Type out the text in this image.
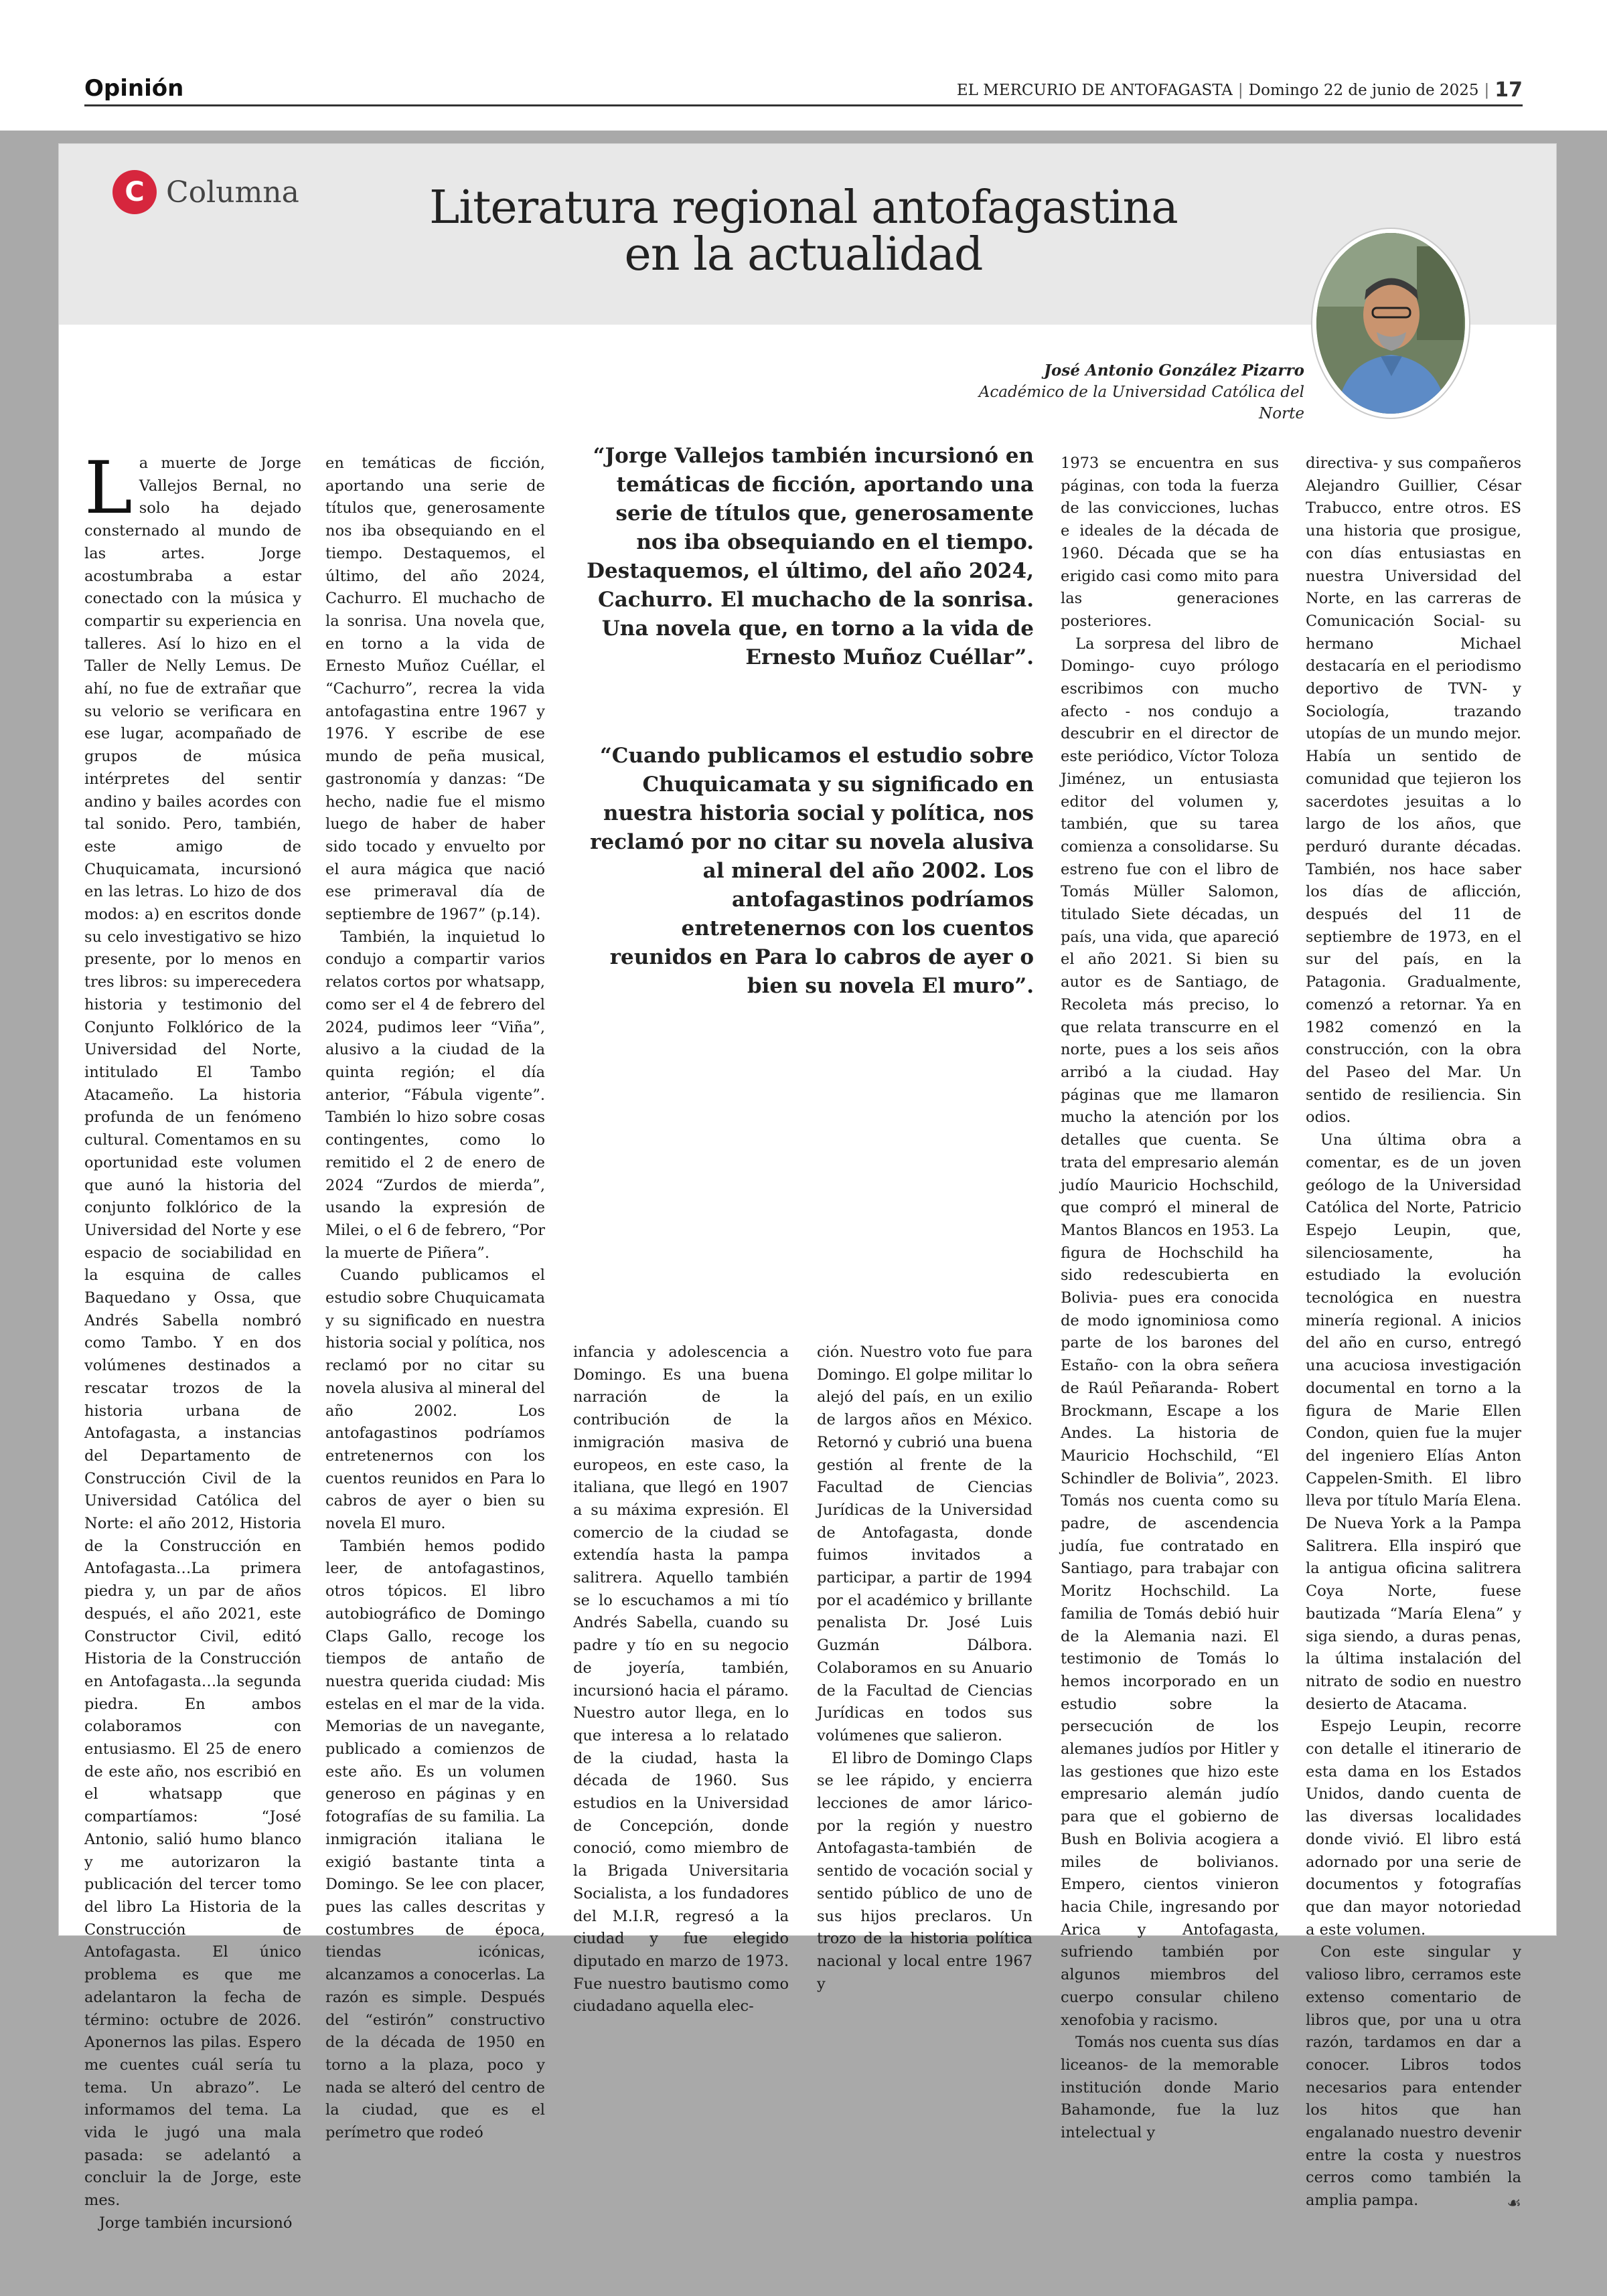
Opinión	EL MERCURIO DE ANTOFAGASTA | Domingo 22 de junio de 2025 | 17
C Columna	Literatura regional antofagastina
en la actualidad
José Antonio González Pizarro
Académico de la Universidad Católica del Norte

La muerte de Jorge Vallejos Bernal, no solo ha dejado consternado al mundo de las artes. Jorge acostumbraba a estar conectado con la música y compartir su experiencia en talleres. Así lo hizo en el Taller de Nelly Lemus. De ahí, no fue de extrañar que su velorio se verificara en ese lugar, acompañado de grupos de música intérpretes del sentir andino y bailes acordes con tal sonido. Pero, también, este amigo de Chuquicamata, incursionó en las letras. Lo hizo de dos modos: a) en escritos donde su celo investigativo se hizo presente, por lo menos en tres libros: su imperecedera historia y testimonio del Conjunto Folklórico de la Universidad del Norte, intitulado El Tambo Atacameño. La historia profunda de un fenómeno cultural. Comentamos en su oportunidad este volumen que aunó la historia del conjunto folklórico de la Universidad del Norte y ese espacio de sociabilidad en la esquina de calles Baquedano y Ossa, que Andrés Sabella nombró como Tambo. Y en dos volúmenes destinados a rescatar trozos de la historia urbana de Antofagasta, a instancias del Departamento de Construcción Civil de la Universidad Católica del Norte: el año 2012, Historia de la Construcción en Antofagasta…La primera piedra y, un par de años después, el año 2021, este Constructor Civil, editó Historia de la Construcción en Antofagasta…la segunda piedra. En ambos colaboramos con entusiasmo. El 25 de enero de este año, nos escribió en el whatsapp que compartíamos: “José Antonio, salió humo blanco y me autorizaron la publicación del tercer tomo del libro La Historia de la Construcción de Antofagasta. El único problema es que me adelantaron la fecha de término: octubre de 2026. Aponernos las pilas. Espero me cuentes cuál sería tu tema. Un abrazo”. Le informamos del tema. La vida le jugó una mala pasada: se adelantó a concluir la de Jorge, este mes.

Jorge también incursionó

en temáticas de ficción, aportando una serie de títulos que, generosamente nos iba obsequiando en el tiempo. Destaquemos, el último, del año 2024, Cachurro. El muchacho de la sonrisa. Una novela que, en torno a la vida de Ernesto Muñoz Cuéllar, el “Cachurro”, recrea la vida antofagastina entre 1967 y 1976. Y escribe de ese mundo de peña musical, gastronomía y danzas: “De hecho, nadie fue el mismo luego de haber de haber sido tocado y envuelto por el aura mágica que nació ese primeraval día de septiembre de 1967” (p.14).

También, la inquietud lo condujo a compartir varios relatos cortos por whatsapp, como ser el 4 de febrero del 2024, pudimos leer “Viña”, alusivo a la ciudad de la quinta región; el día anterior, “Fábula vigente”. También lo hizo sobre cosas contingentes, como lo remitido el 2 de enero de 2024 “Zurdos de mierda”, usando la expresión de Milei, o el 6 de febrero, “Por la muerte de Piñera”.

Cuando publicamos el estudio sobre Chuquicamata y su significado en nuestra historia social y política, nos reclamó por no citar su novela alusiva al mineral del año 2002. Los antofagastinos podríamos entretenernos con los cuentos reunidos en Para lo cabros de ayer o bien su novela El muro.

También hemos podido leer, de antofagastinos, otros tópicos. El libro autobiográfico de Domingo Claps Gallo, recoge los tiempos de antaño de nuestra querida ciudad: Mis estelas en el mar de la vida. Memorias de un navegante, publicado a comienzos de este año. Es un volumen generoso en páginas y en fotografías de su familia. La inmigración italiana le exigió bastante tinta a Domingo. Se lee con placer, pues las calles descritas y costumbres de época, tiendas icónicas, alcanzamos a conocerlas. La razón es simple. Después del “estirón” constructivo de la década de 1950 en torno a la plaza, poco y nada se alteró del centro de la ciudad, que es el perímetro que rodeó

“Jorge Vallejos también incursionó en temáticas de ficción, aportando una serie de títulos que, generosamente nos iba obsequiando en el tiempo. Destaquemos, el último, del año 2024, Cachurro. El muchacho de la sonrisa. Una novela que, en torno a la vida de Ernesto Muñoz Cuéllar”.

“Cuando publicamos el estudio sobre Chuquicamata y su significado en nuestra historia social y política, nos reclamó por no citar su novela alusiva al mineral del año 2002. Los antofagastinos podríamos entretenernos con los cuentos reunidos en Para lo cabros de ayer o bien su novela El muro”.

infancia y adolescencia a Domingo. Es una buena narración de la contribución de la inmigración masiva de europeos, en este caso, la italiana, que llegó en 1907 a su máxima expresión. El comercio de la ciudad se extendía hasta la pampa salitrera. Aquello también se lo escuchamos a mi tío Andrés Sabella, cuando su padre y tío en su negocio de joyería, también, incursionó hacia el páramo. Nuestro autor llega, en lo que interesa a lo relatado de la ciudad, hasta la década de 1960. Sus estudios en la Universidad de Concepción, donde conoció, como miembro de la Brigada Universitaria Socialista, a los fundadores del M.I.R, regresó a la ciudad y fue elegido diputado en marzo de 1973. Fue nuestro bautismo como ciudadano aquella elec-

ción. Nuestro voto fue para Domingo. El golpe militar lo alejó del país, en un exilio de largos años en México. Retornó y cubrió una buena gestión al frente de la Facultad de Ciencias Jurídicas de la Universidad de Antofagasta, donde fuimos invitados a participar, a partir de 1994 por el académico y brillante penalista Dr. José Luis Guzmán Dálbora. Colaboramos en su Anuario de la Facultad de Ciencias Jurídicas en todos sus volúmenes que salieron.

El libro de Domingo Claps se lee rápido, y encierra lecciones de amor lárico-por la región y nuestro Antofagasta-también de sentido de vocación social y sentido público de uno de sus hijos preclaros. Un trozo de la historia política nacional y local entre 1967 y

1973 se encuentra en sus páginas, con toda la fuerza de las convicciones, luchas e ideales de la década de 1960. Década que se ha erigido casi como mito para las generaciones posteriores.

La sorpresa del libro de Domingo- cuyo prólogo escribimos con mucho afecto - nos condujo a descubrir en el director de este periódico, Víctor Toloza Jiménez, un entusiasta editor del volumen y, también, que su tarea comienza a consolidarse. Su estreno fue con el libro de Tomás Müller Salomon, titulado Siete décadas, un país, una vida, que apareció el año 2021. Si bien su autor es de Santiago, de Recoleta más preciso, lo que relata transcurre en el norte, pues a los seis años arribó a la ciudad. Hay páginas que me llamaron mucho la atención por los detalles que cuenta. Se trata del empresario alemán judío Mauricio Hochschild, que compró el mineral de Mantos Blancos en 1953. La figura de Hochschild ha sido redescubierta en Bolivia- pues era conocida de modo ignominiosa como parte de los barones del Estaño- con la obra señera de Raúl Peñaranda- Robert Brockmann, Escape a los Andes. La historia de Mauricio Hochschild, “El Schindler de Bolivia”, 2023. Tomás nos cuenta como su padre, de ascendencia judía, fue contratado en Santiago, para trabajar con Moritz Hochschild. La familia de Tomás debió huir de la Alemania nazi. El testimonio de Tomás lo hemos incorporado en un estudio sobre la persecución de los alemanes judíos por Hitler y las gestiones que hizo este empresario alemán judío para que el gobierno de Bush en Bolivia acogiera a miles de bolivianos. Empero, cientos vinieron hacia Chile, ingresando por Arica y Antofagasta, sufriendo también por algunos miembros del cuerpo consular chileno xenofobia y racismo.

Tomás nos cuenta sus días liceanos- de la memorable institución donde Mario Bahamonde, fue la luz intelectual y

directiva- y sus compañeros Alejandro Guillier, César Trabucco, entre otros. ES una historia que prosigue, con días entusiastas en nuestra Universidad del Norte, en las carreras de Comunicación Social- su hermano Michael destacaría en el periodismo deportivo de TVN- y Sociología, trazando utopías de un mundo mejor. Había un sentido de comunidad que tejieron los sacerdotes jesuitas a lo largo de los años, que perduró durante décadas. También, nos hace saber los días de aflicción, después del 11 de septiembre de 1973, en el sur del país, en la Patagonia. Gradualmente, comenzó a retornar. Ya en 1982 comenzó en la construcción, con la obra del Paseo del Mar. Un sentido de resiliencia. Sin odios.

Una última obra a comentar, es de un joven geólogo de la Universidad Católica del Norte, Patricio Espejo Leupin, que, silenciosamente, ha estudiado la evolución tecnológica en nuestra minería regional. A inicios del año en curso, entregó una acuciosa investigación documental en torno a la figura de Marie Ellen Condon, quien fue la mujer del ingeniero Elías Anton Cappelen-Smith. El libro lleva por título María Elena. De Nueva York a la Pampa Salitrera. Ella inspiró que la antigua oficina salitrera Coya Norte, fuese bautizada “María Elena” y siga siendo, a duras penas, la última instalación del nitrato de sodio en nuestro desierto de Atacama.

Espejo Leupin, recorre con detalle el itinerario de esta dama en los Estados Unidos, dando cuenta de las diversas localidades donde vivió. El libro está adornado por una serie de documentos y fotografías que dan mayor notoriedad a este volumen.

Con este singular y valioso libro, cerramos este extenso comentario de libros que, por una u otra razón, tardamos en dar a conocer. Libros todos necesarios para entender los hitos que han engalanado nuestro devenir entre la costa y nuestros cerros como también la amplia pampa.	☙
